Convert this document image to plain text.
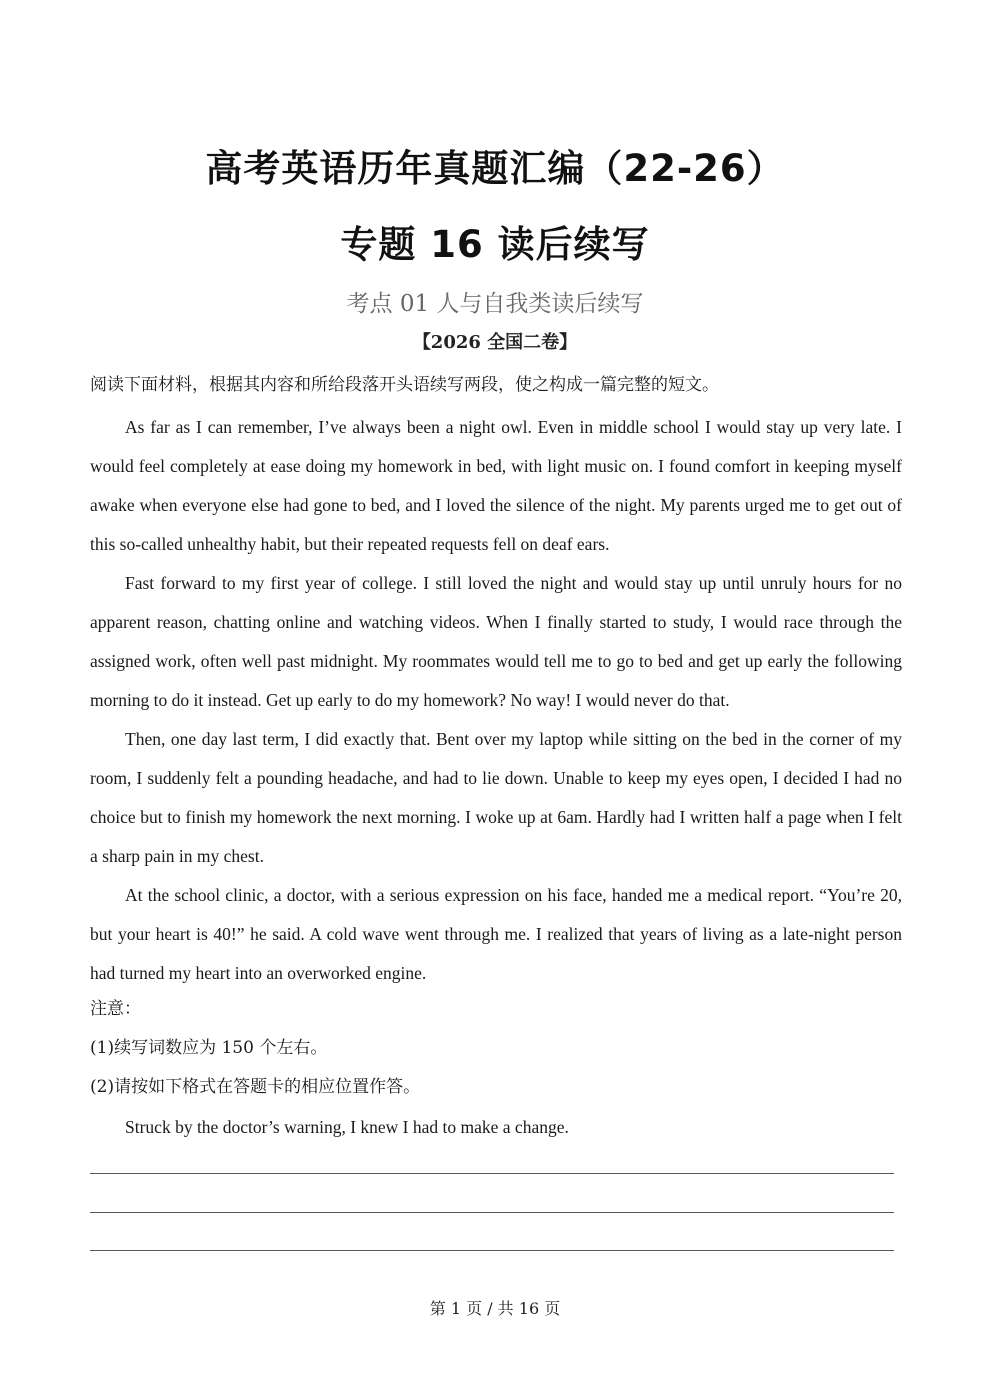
高考英语历年真题汇编（22-26）
专题 16 读后续写
考点 01 人与自我类读后续写
【2026 全国二卷】
阅读下面材料，根据其内容和所给段落开头语续写两段，使之构成一篇完整的短文。

As far as I can remember, I’ve always been a night owl. Even in middle school I would stay up very late. I would feel completely at ease doing my homework in bed, with light music on. I found comfort in keeping myself awake when everyone else had gone to bed, and I loved the silence of the night. My parents urged me to get out of this so-called unhealthy habit, but their repeated requests fell on deaf ears.

Fast forward to my first year of college. I still loved the night and would stay up until unruly hours for no apparent reason, chatting online and watching videos. When I finally started to study, I would race through the assigned work, often well past midnight. My roommates would tell me to go to bed and get up early the following morning to do it instead. Get up early to do my homework? No way! I would never do that.

Then, one day last term, I did exactly that. Bent over my laptop while sitting on the bed in the corner of my room, I suddenly felt a pounding headache, and had to lie down. Unable to keep my eyes open, I decided I had no choice but to finish my homework the next morning. I woke up at 6am. Hardly had I written half a page when I felt a sharp pain in my chest.

At the school clinic, a doctor, with a serious expression on his face, handed me a medical report. “You’re 20, but your heart is 40!” he said. A cold wave went through me. I realized that years of living as a late-night person had turned my heart into an overworked engine.

注意：

(1)续写词数应为 150 个左右。

(2)请按如下格式在答题卡的相应位置作答。

Struck by the doctor’s warning, I knew I had to make a change.

第 1 页 / 共 16 页
